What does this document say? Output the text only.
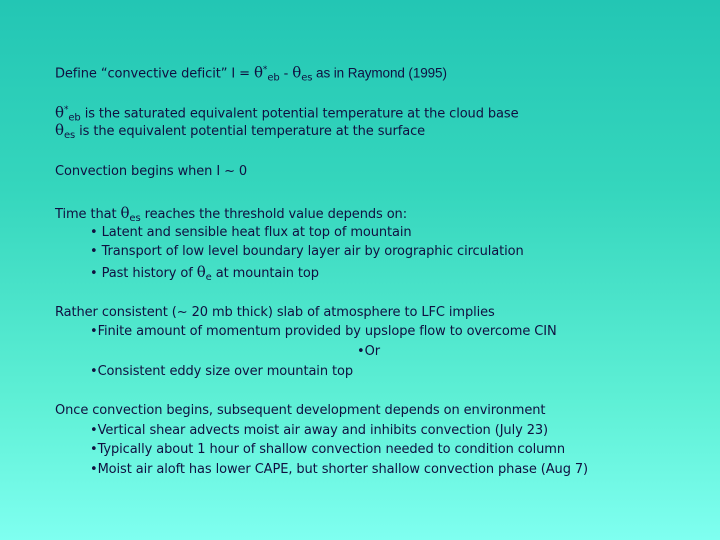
Define “convective deficit” $I = \theta^*_{eb} - \theta_{es}$ as in Raymond (1995)
$\theta^*_{eb}$ is the saturated equivalent potential temperature at the cloud base
$\theta_{es}$ is the equivalent potential temperature at the surface
Convection begins when I ~ 0
Time that $\theta_{es}$ reaches the threshold value depends on:
• Latent and sensible heat flux at top of mountain
• Transport of low level boundary layer air by orographic circulation
• Past history of $\theta_e$ at mountain top
Rather consistent (~ 20 mb thick) slab of atmosphere to LFC implies
•Finite amount of momentum provided by upslope flow to overcome CIN
•Or
•Consistent eddy size over mountain top
Once convection begins, subsequent development depends on environment
•Vertical shear advects moist air away and inhibits convection (July 23)
•Typically about 1 hour of shallow convection needed to condition column
•Moist air aloft has lower CAPE, but shorter shallow convection phase (Aug 7)
